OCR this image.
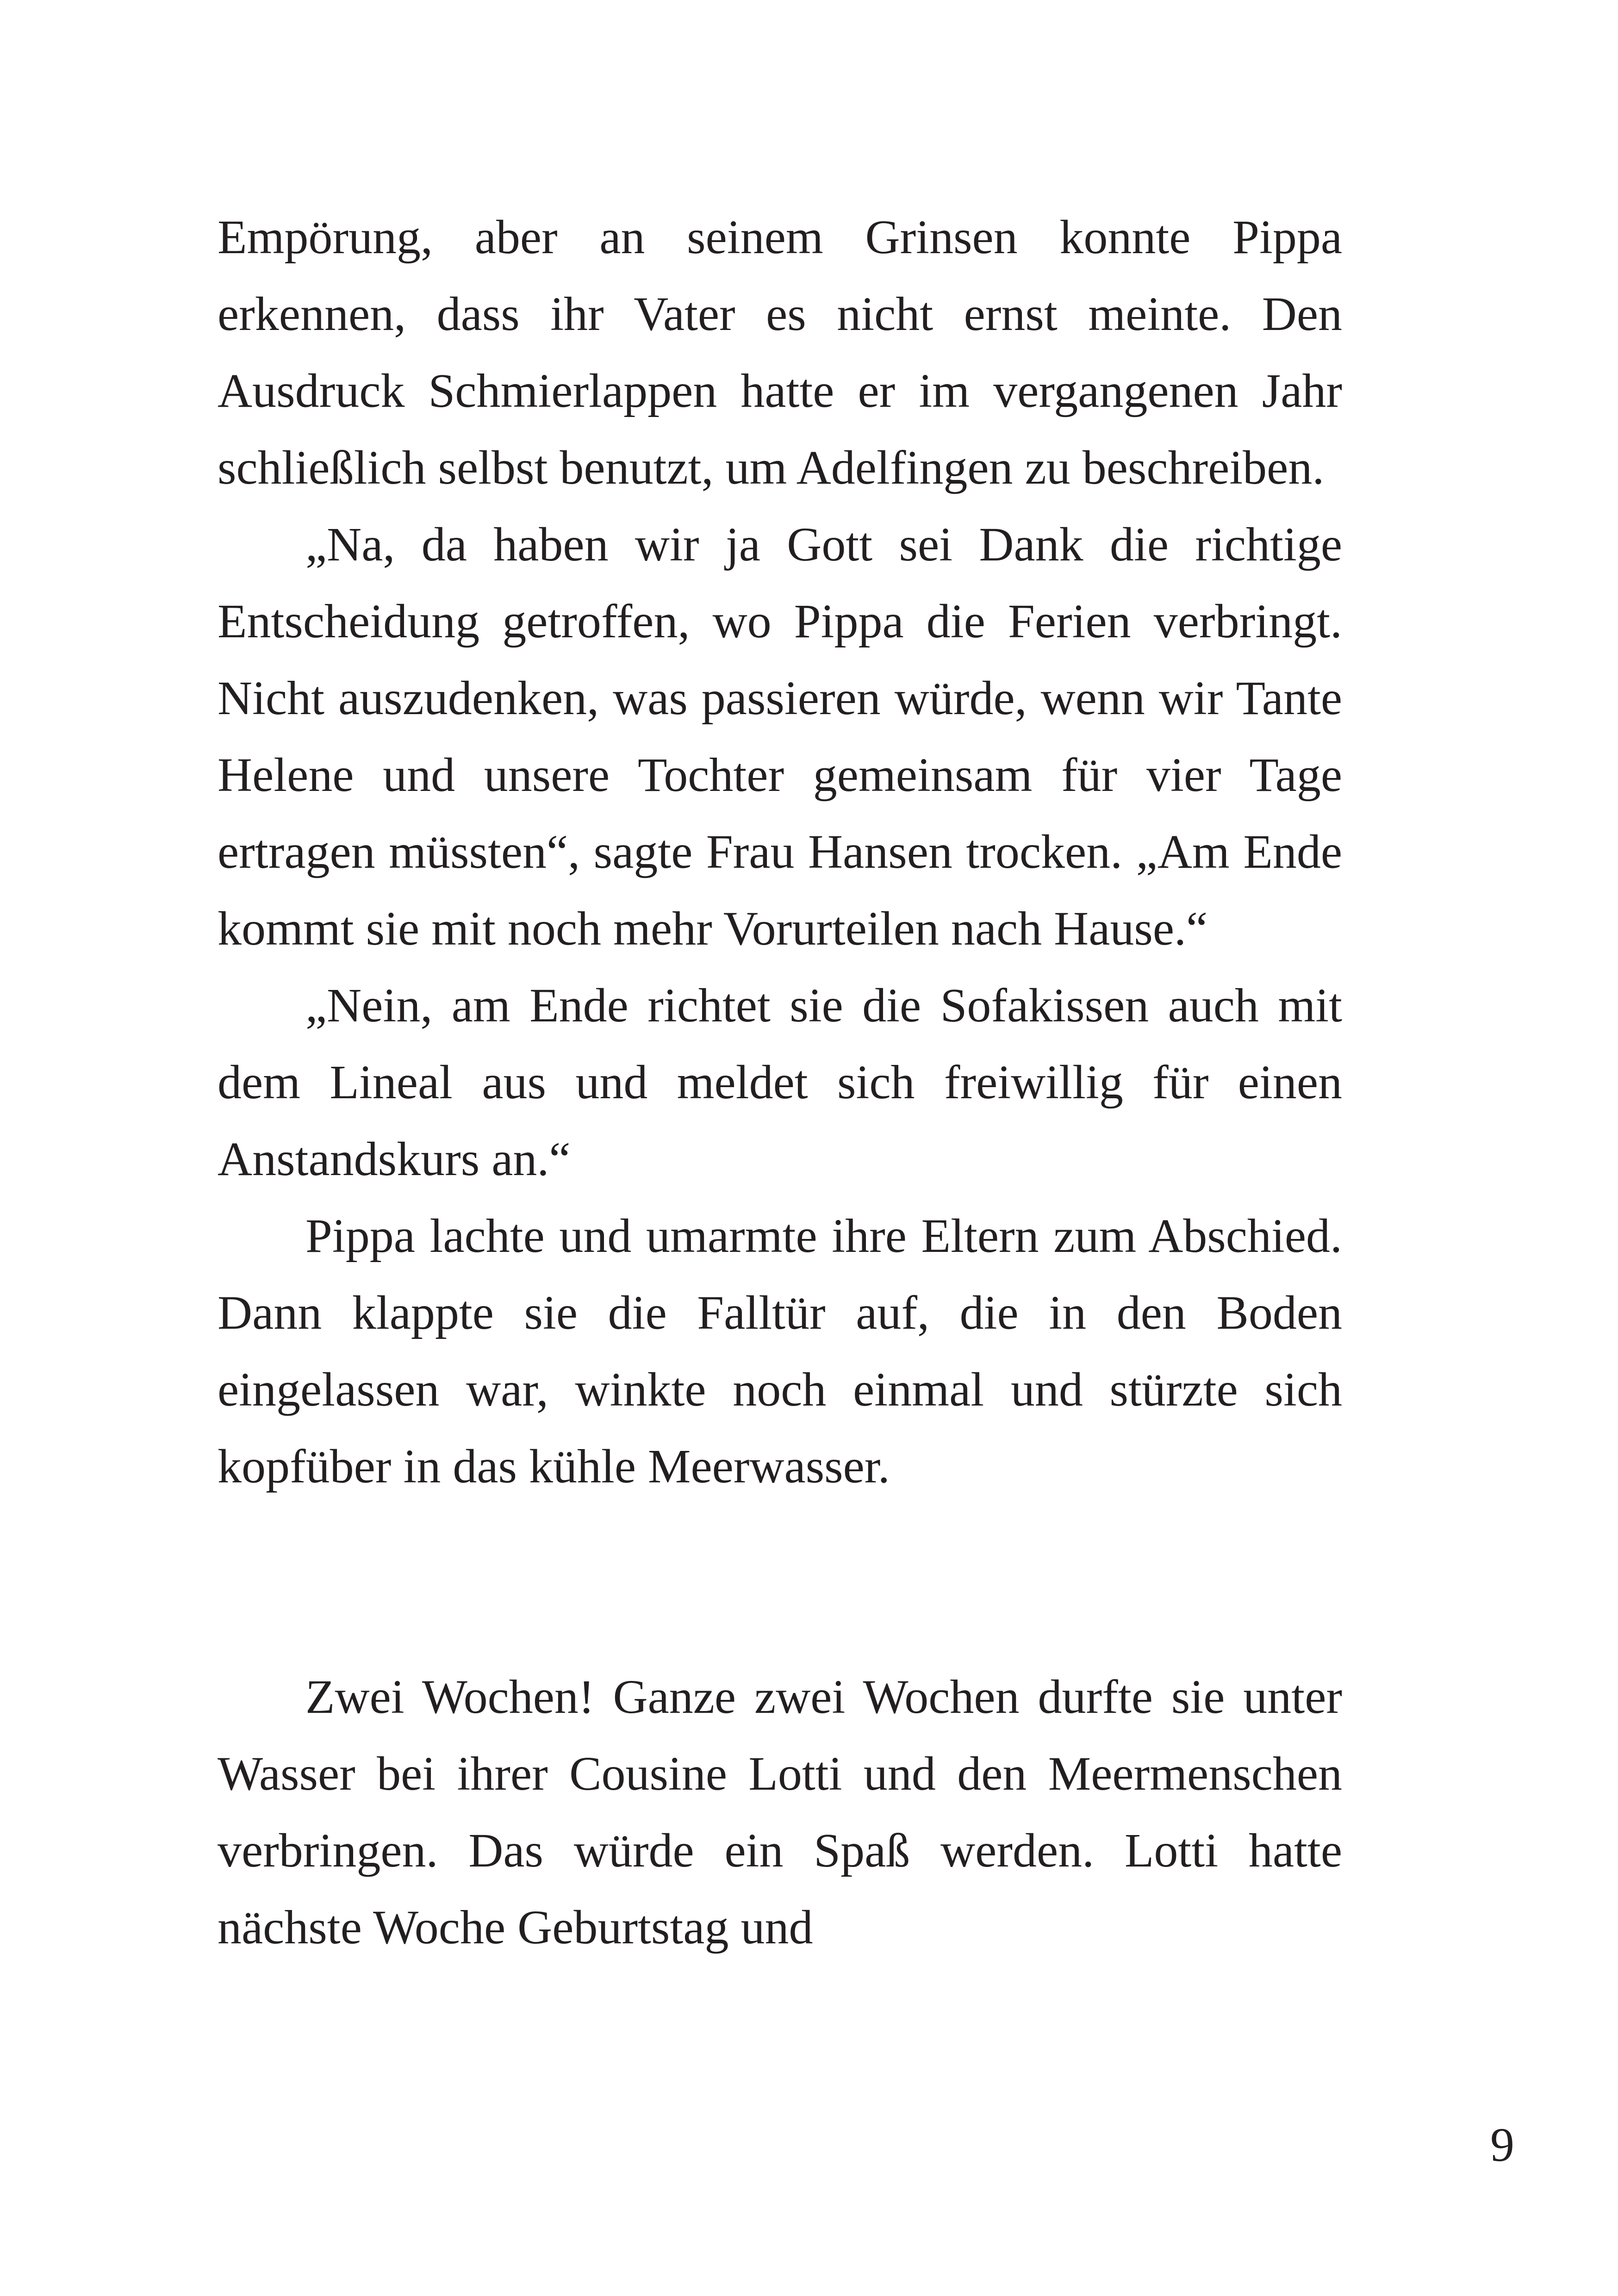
Empörung, aber an seinem Grinsen konnte Pippa erkennen, dass ihr Vater es nicht ernst meinte. Den Ausdruck Schmierlappen hatte er im vergangenen Jahr schließlich selbst benutzt, um Adelfingen zu beschreiben.

„Na, da haben wir ja Gott sei Dank die richtige Entscheidung getroffen, wo Pippa die Ferien verbringt. Nicht auszudenken, was passieren würde, wenn wir Tante Helene und unsere Tochter gemeinsam für vier Tage ertragen müssten“, sagte Frau Hansen trocken. „Am Ende kommt sie mit noch mehr Vorurteilen nach Hause.“

„Nein, am Ende richtet sie die Sofakissen auch mit dem Lineal aus und meldet sich freiwillig für einen Anstandskurs an.“

Pippa lachte und umarmte ihre Eltern zum Abschied. Dann klappte sie die Falltür auf, die in den Boden eingelassen war, winkte noch einmal und stürzte sich kopfüber in das kühle Meerwasser.

Zwei Wochen! Ganze zwei Wochen durfte sie unter Wasser bei ihrer Cousine Lotti und den Meermenschen verbringen. Das würde ein Spaß werden. Lotti hatte nächste Woche Geburtstag und

9
